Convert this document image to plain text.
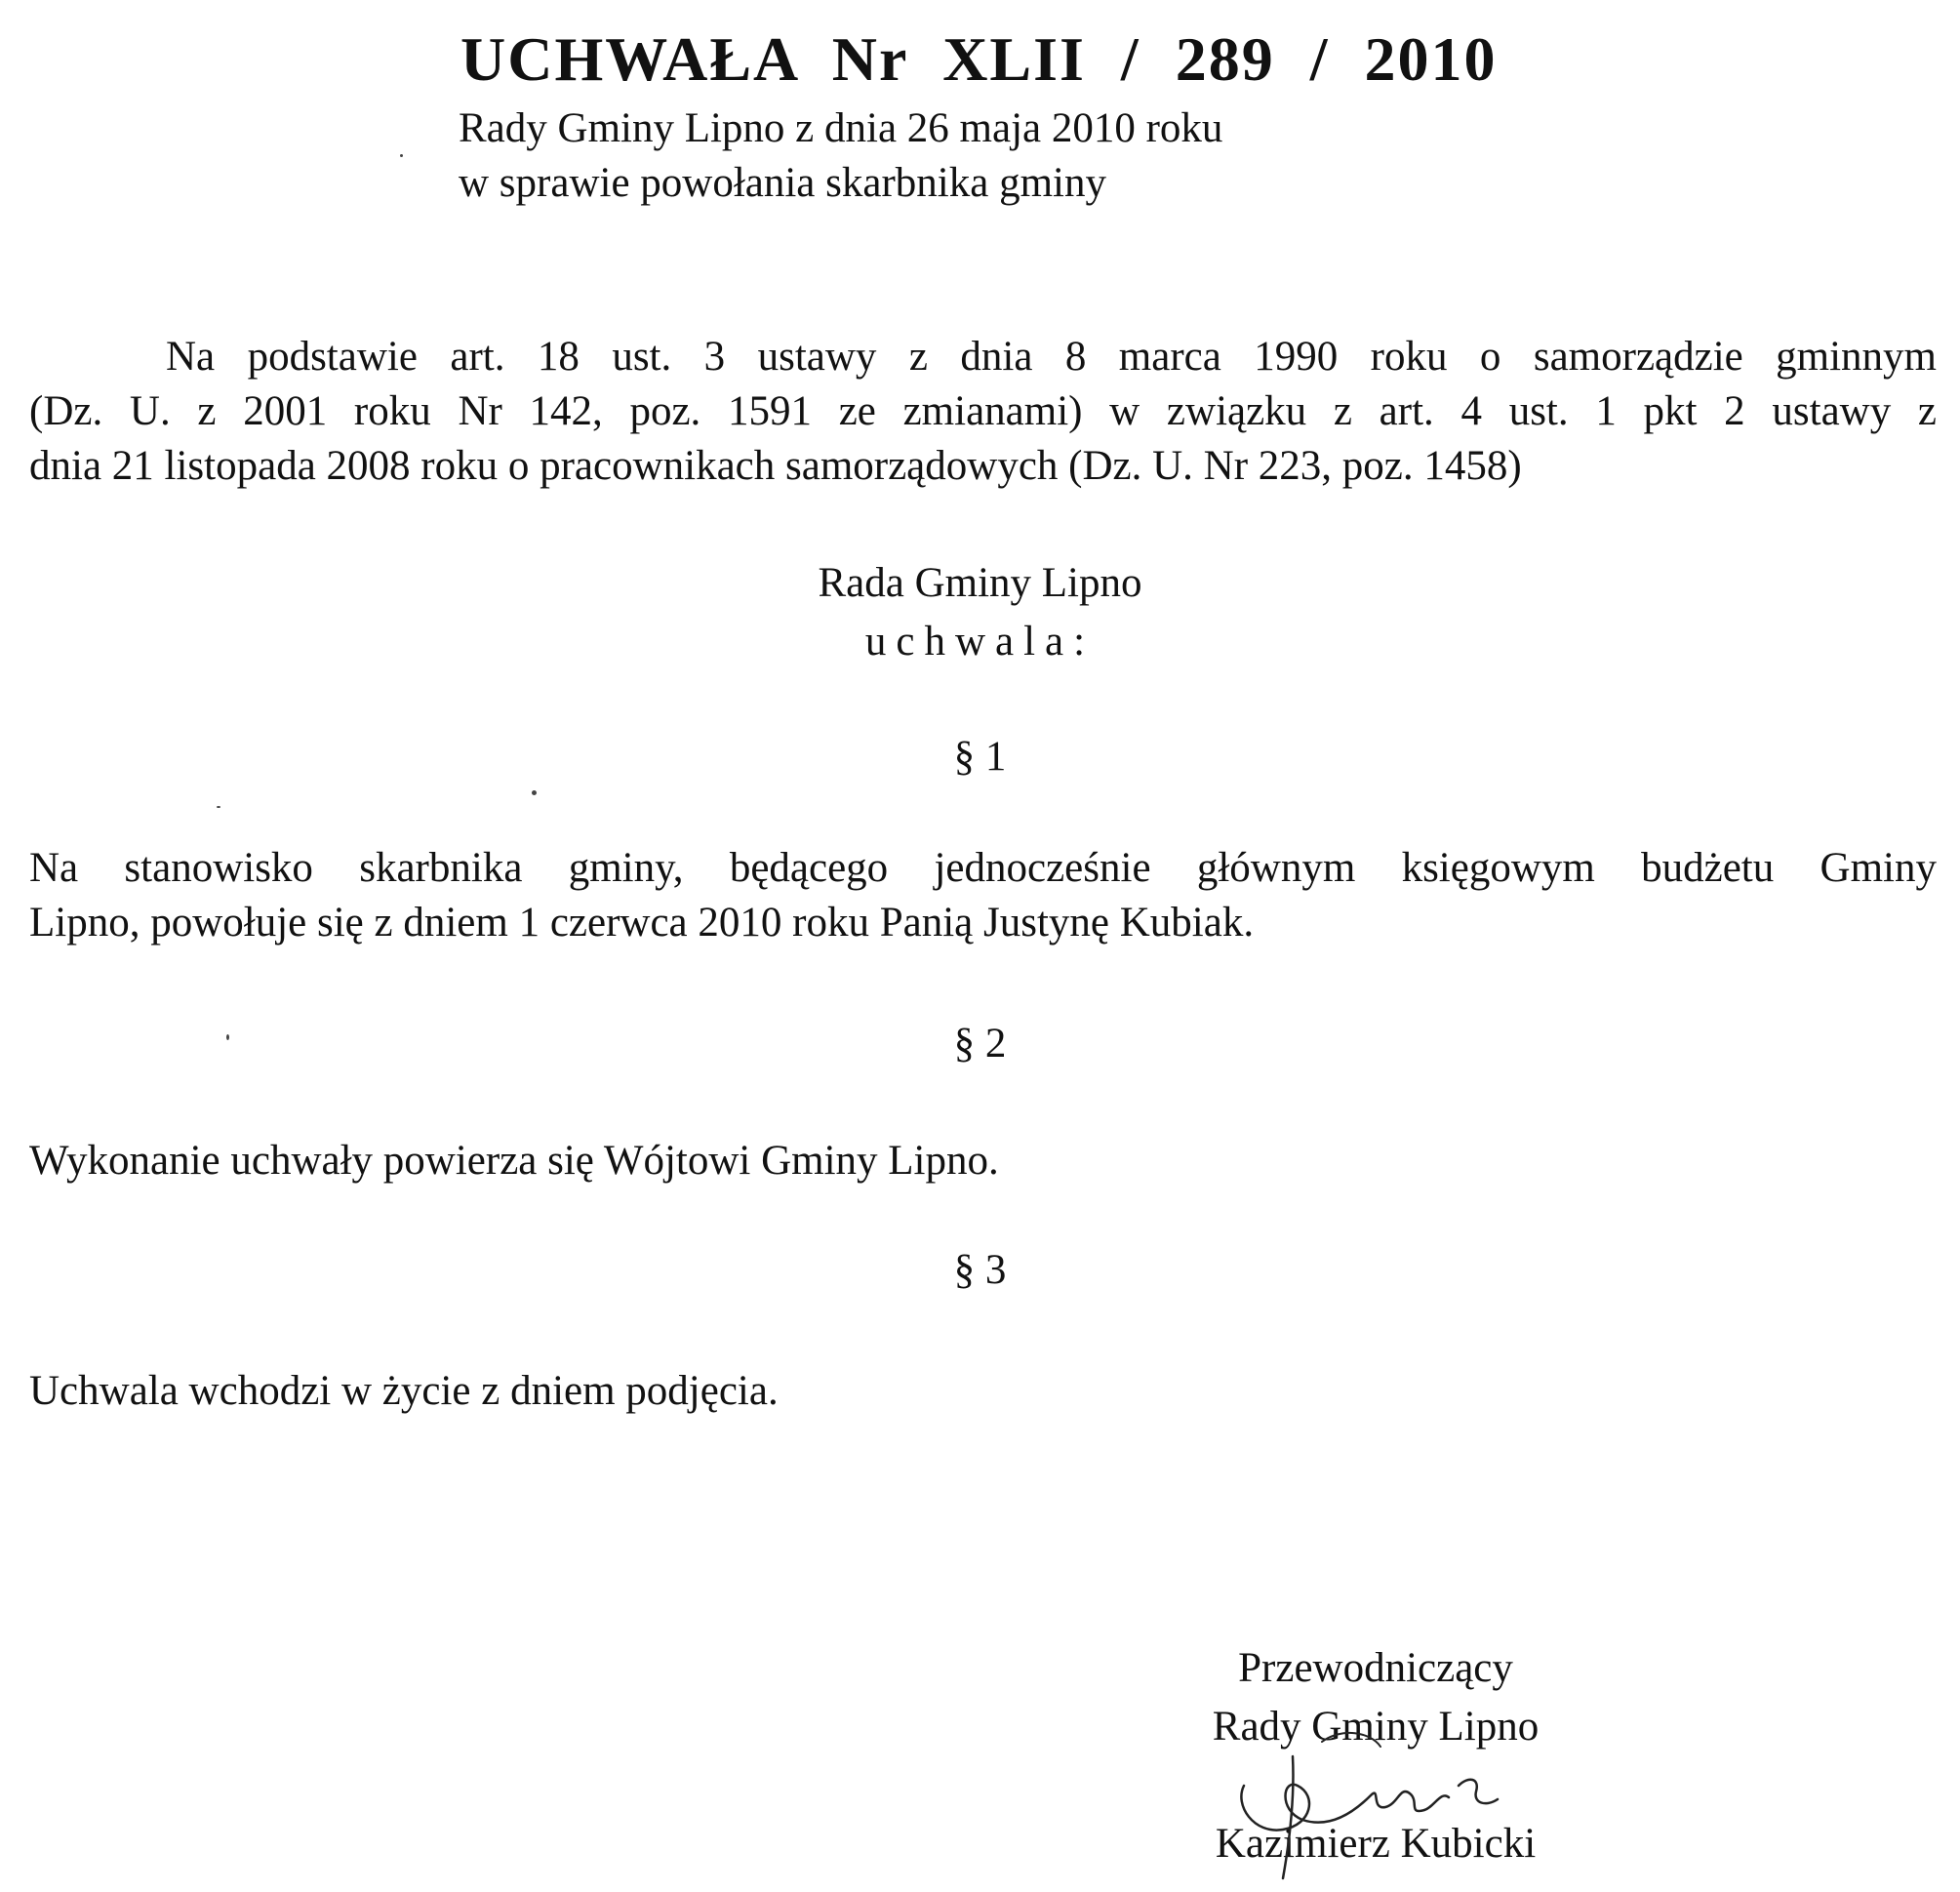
UCHWAŁA Nr XLII / 289 / 2010
Rady Gminy Lipno z dnia 26 maja 2010 roku
w sprawie powołania skarbnika gminy
Na podstawie art. 18 ust. 3 ustawy z dnia 8 marca 1990 roku o samorządzie gminnym
(Dz. U. z 2001 roku Nr 142, poz. 1591 ze zmianami) w związku z art. 4 ust. 1 pkt 2 ustawy z
dnia 21 listopada 2008 roku o pracownikach samorządowych (Dz. U. Nr 223, poz. 1458)
Rada Gminy Lipno
uchwala:
§ 1
Na stanowisko skarbnika gminy, będącego jednocześnie głównym księgowym budżetu Gminy
Lipno, powołuje się z dniem 1 czerwca 2010 roku Panią Justynę Kubiak.
§ 2
Wykonanie uchwały powierza się Wójtowi Gminy Lipno.
§ 3
Uchwala wchodzi w życie z dniem podjęcia.
Przewodniczący
Rady Gminy Lipno
Kazimierz Kubicki
